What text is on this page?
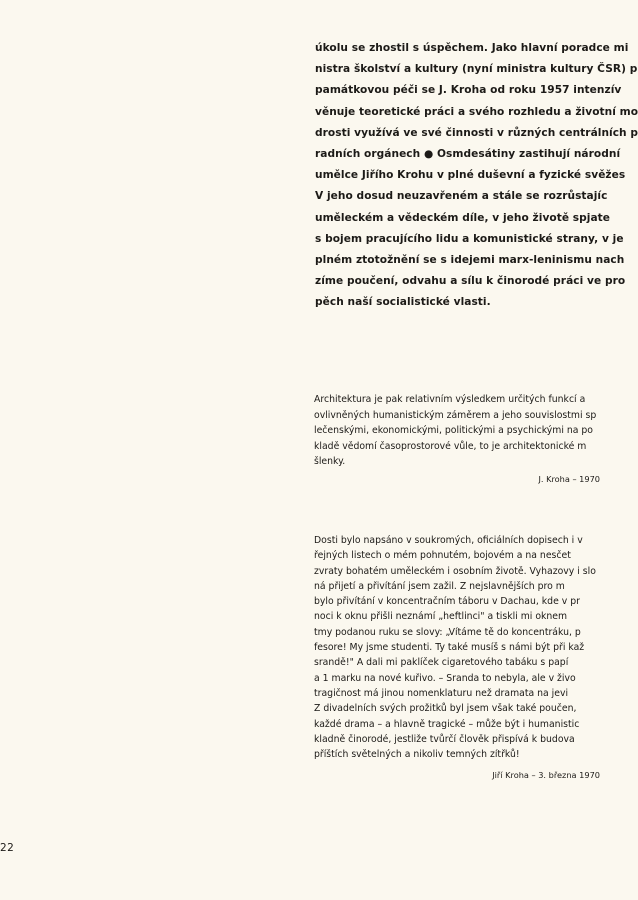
úkolu se zhostil s úspěchem. Jako hlavní poradce mi
nistra školství a kultury (nyní ministra kultury ČSR) p
památkovou péči se J. Kroha od roku 1957 intenzív
věnuje teoretické práci a svého rozhledu a životní mo
drosti využívá ve své činnosti v různých centrálních p
radních orgánech ● Osmdesátiny zastihují národní
umělce Jiřího Krohu v plné duševní a fyzické svěžes
V jeho dosud neuzavřeném a stále se rozrůstajíc
uměleckém a vědeckém díle, v jeho životě spjate
s bojem pracujícího lidu a komunistické strany, v je
plném ztotožnění se s idejemi marx-leninismu nach
zíme poučení, odvahu a sílu k činorodé práci ve pro
pěch naší socialistické vlasti.
Architektura je pak relativním výsledkem určitých funkcí a
ovlivněných humanistickým záměrem a jeho souvislostmi sp
lečenskými, ekonomickými, politickými a psychickými na po
kladě vědomí časoprostorové vůle, to je architektonické m
šlenky.
J. Kroha – 1970
Dosti bylo napsáno v soukromých, oficiálních dopisech i v
řejných listech o mém pohnutém, bojovém a na nesčet
zvraty bohatém uměleckém i osobním životě. Vyhazovy i slo
ná přijetí a přivítání jsem zažil. Z nejslavnějších pro m
bylo přivítání v koncentračním táboru v Dachau, kde v pr
noci k oknu přišli neznámí „heftlinci" a tiskli mi oknem
tmy podanou ruku se slovy: „Vítáme tě do koncentráku, p
fesore! My jsme studenti. Ty také musíš s námi být při kaž
srandě!" A dali mi paklíček cigaretového tabáku s papí
a 1 marku na nové kuřivo. – Sranda to nebyla, ale v živo
tragičnost má jinou nomenklaturu než dramata na jevi
Z divadelních svých prožitků byl jsem však také poučen,
každé drama – a hlavně tragické – může být i humanistic
kladně činorodé, jestliže tvůrčí člověk přispívá k budova
příštích světelných a nikoliv temných zítřků!
Jiří Kroha – 3. března 1970
22
